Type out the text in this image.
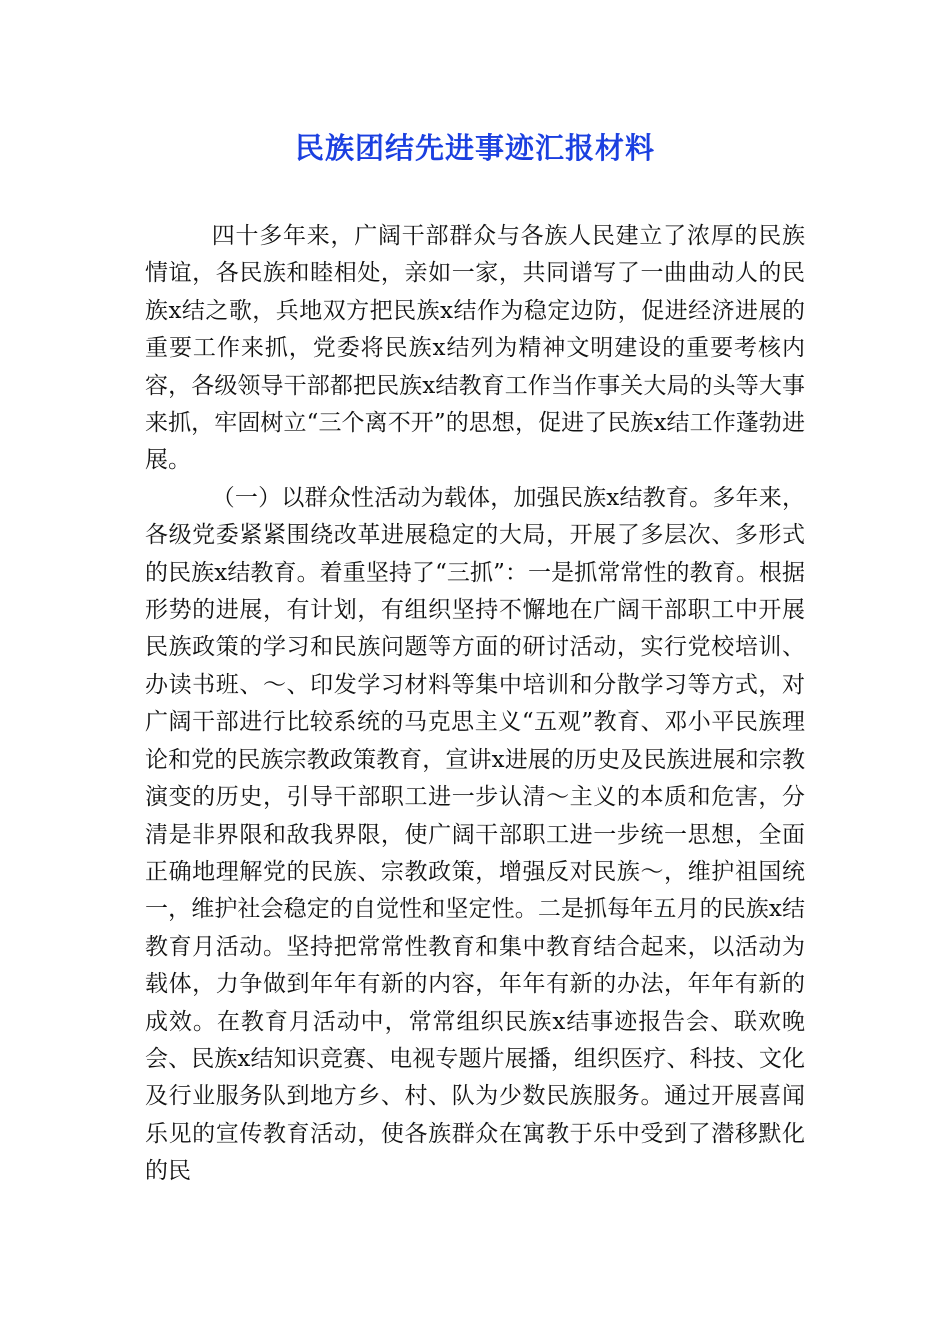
民族团结先进事迹汇报材料

四十多年来，广阔干部群众与各族人民建立了浓厚的民族情谊，各民族和睦相处，亲如一家，共同谱写了一曲曲动人的民族x结之歌，兵地双方把民族x结作为稳定边防，促进经济进展的重要工作来抓，党委将民族x结列为精神文明建设的重要考核内容，各级领导干部都把民族x结教育工作当作事关大局的头等大事来抓，牢固树立“三个离不开”的思想，促进了民族x结工作蓬勃进展。

（一）以群众性活动为载体，加强民族x结教育。多年来，各级党委紧紧围绕改革进展稳定的大局，开展了多层次、多形式的民族x结教育。着重坚持了“三抓”：一是抓常常性的教育。根据形势的进展，有计划，有组织坚持不懈地在广阔干部职工中开展民族政策的学习和民族问题等方面的研讨活动，实行党校培训、办读书班、～、印发学习材料等集中培训和分散学习等方式，对广阔干部进行比较系统的马克思主义“五观”教育、邓小平民族理论和党的民族宗教政策教育，宣讲x进展的历史及民族进展和宗教演变的历史，引导干部职工进一步认清～主义的本质和危害，分清是非界限和敌我界限，使广阔干部职工进一步统一思想，全面正确地理解党的民族、宗教政策，增强反对民族～，维护祖国统一，维护社会稳定的自觉性和坚定性。二是抓每年五月的民族x结教育月活动。坚持把常常性教育和集中教育结合起来，以活动为载体，力争做到年年有新的内容，年年有新的办法，年年有新的成效。在教育月活动中，常常组织民族x结事迹报告会、联欢晚会、民族x结知识竞赛、电视专题片展播，组织医疗、科技、文化及行业服务队到地方乡、村、队为少数民族服务。通过开展喜闻乐见的宣传教育活动，使各族群众在寓教于乐中受到了潜移默化的民
